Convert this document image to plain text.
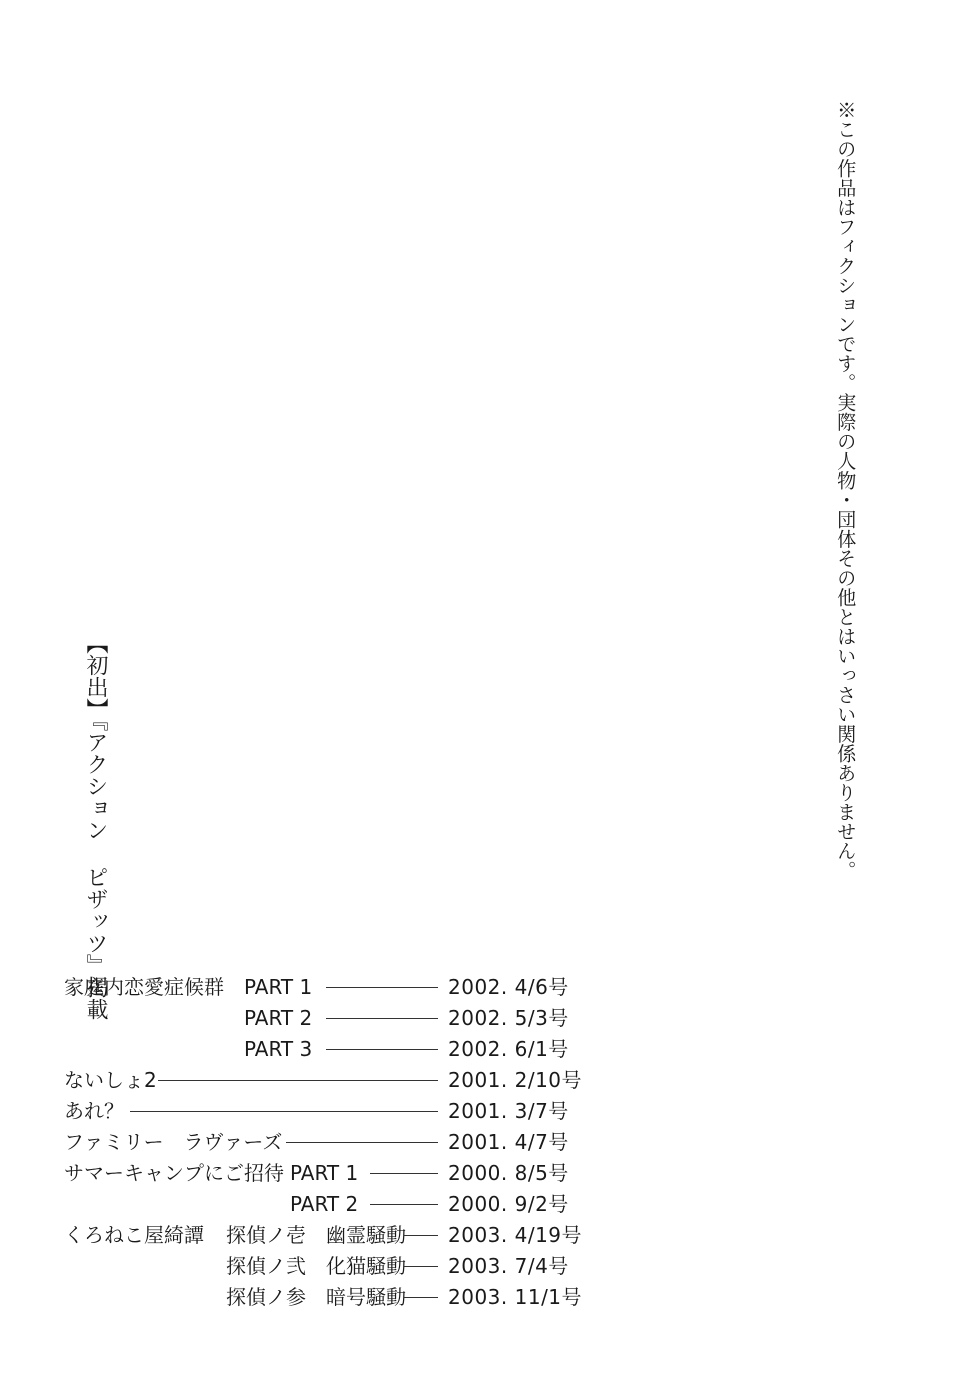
※この作品はフィクションです。実際の人物・団体その他とはいっさい関係ありません。
【初出】『アクション ピザッツ』掲載
家庭内恋愛症候群 PART 1	2002. 4/6号
PART 2	2002. 5/3号
PART 3	2002. 6/1号
ないしょ2	2001. 2/10号
あれ？	2001. 3/7号
ファミリー　ラヴァーズ	2001. 4/7号
サマーキャンプにご招待 PART 1	2000. 8/5号
PART 2	2000. 9/2号
くろねこ屋綺譚 探偵ノ壱　幽霊騒動 2003. 4/19号
探偵ノ弐　化猫騒動 2003. 7/4号
探偵ノ参　暗号騒動 2003. 11/1号
